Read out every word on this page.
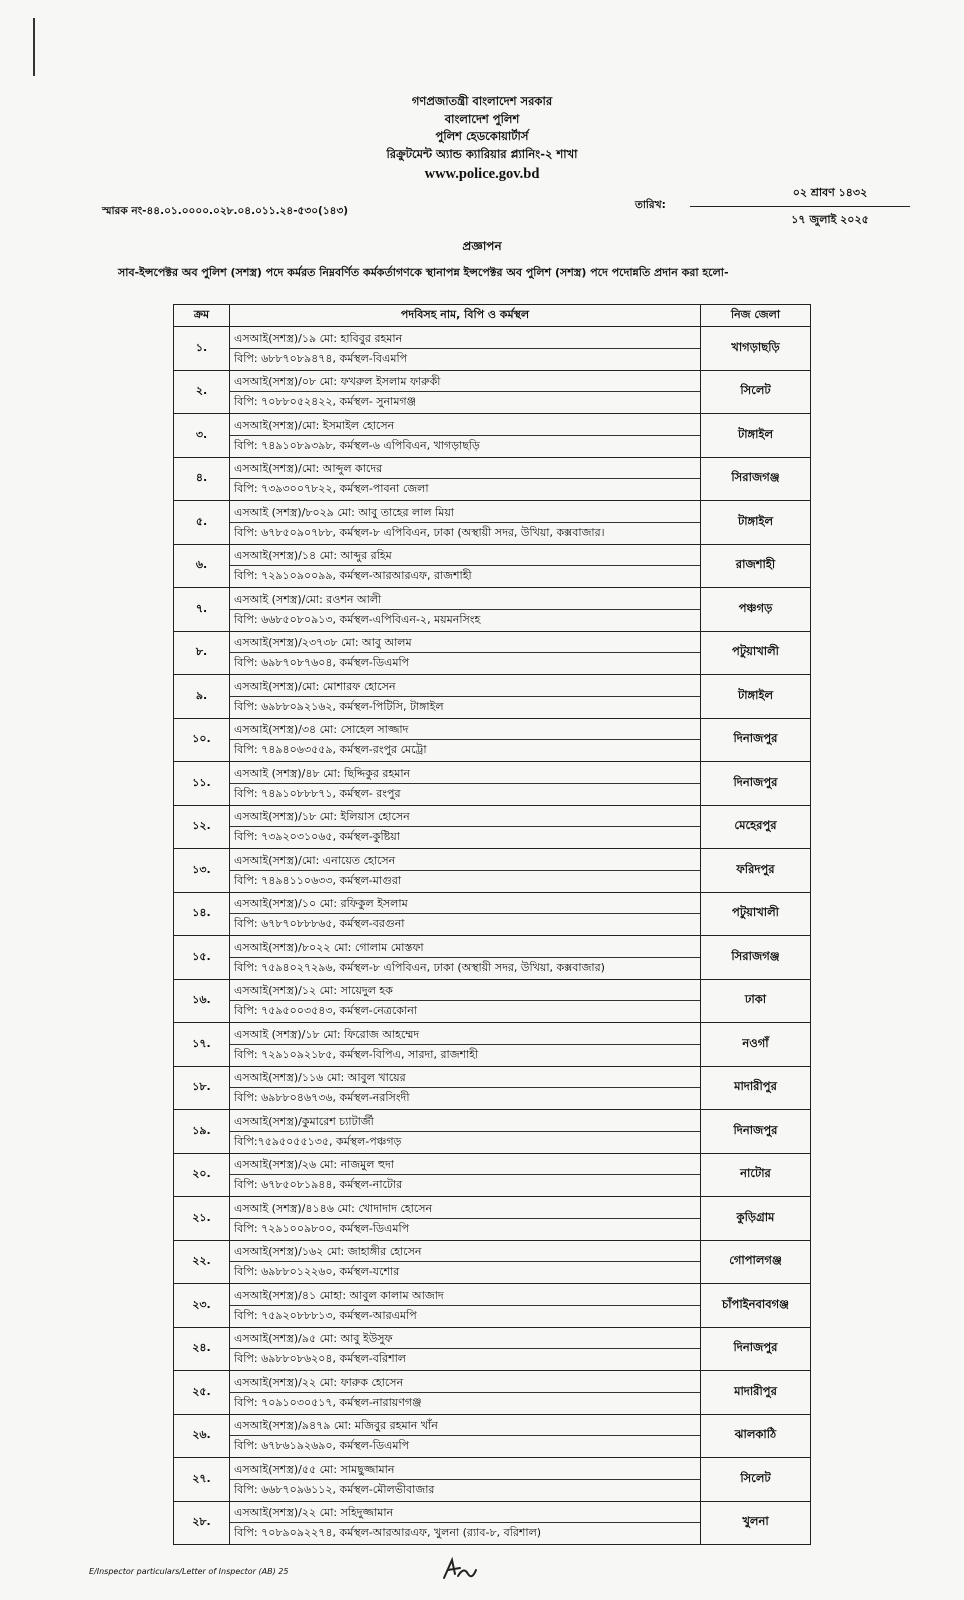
গণপ্রজাতন্ত্রী বাংলাদেশ সরকার
বাংলাদেশ পুলিশ
পুলিশ হেডকোয়ার্টার্স
রিক্রুটমেন্ট অ্যান্ড ক্যারিয়ার প্ল্যানিং-২ শাখা
www.police.gov.bd
স্মারক নং-৪৪.০১.০০০০.০২৮.০৪.০১১.২৪-৫৩০(১৪৩)	তারিখ:
০২ শ্রাবণ ১৪৩২
১৭ জুলাই ২০২৫
প্রজ্ঞাপন
সাব-ইন্সপেক্টর অব পুলিশ (সশস্ত্র) পদে কর্মরত নিম্নবর্ণিত কর্মকর্তাগণকে স্থানাপন্ন ইন্সপেক্টর অব পুলিশ (সশস্ত্র) পদে পদোন্নতি প্রদান করা হলো-
ক্রম	পদবিসহ নাম, বিপি ও কর্মস্থল	নিজ জেলা
১.	এসআই(সশস্ত্র)/১৯ মো: হাবিবুর রহমান
বিপি: ৬৮৮৭০৮৯৪৭৪, কর্মস্থল-বিএমপি	খাগড়াছড়ি
২.	এসআই(সশস্ত্র)/০৮ মো: ফখরুল ইসলাম ফারুকী
বিপি: ৭০৮৮০৫২৪২২, কর্মস্থল- সুনামগঞ্জ	সিলেট
৩.	এসআই(সশস্ত্র)/মো: ইসমাইল হোসেন
বিপি: ৭৪৯১০৮৯৩৯৮, কর্মস্থল-৬ এপিবিএন, খাগড়াছড়ি	টাঙ্গাইল
৪.	এসআই(সশস্ত্র)/মো: আব্দুল কাদের
বিপি: ৭৩৯৩০০৭৮২২, কর্মস্থল-পাবনা জেলা	সিরাজগঞ্জ
৫.	এসআই (সশস্ত্র)/৮০২৯ মো: আবু তাহের লাল মিয়া
বিপি: ৬৭৮৫০৯০৭৮৮, কর্মস্থল-৮ এপিবিএন, ঢাকা (অস্থায়ী সদর, উখিয়া, কক্সবাজার।	টাঙ্গাইল
৬.	এসআই(সশস্ত্র)/১৪ মো: আব্দুর রহিম
বিপি: ৭২৯১০৯০০৯৯, কর্মস্থল-আরআরএফ, রাজশাহী	রাজশাহী
৭.	এসআই (সশস্ত্র)/মো: রওশন আলী
বিপি: ৬৬৮৫০৮০৯১৩, কর্মস্থল-এপিবিএন-২, ময়মনসিংহ	পঞ্চগড়
৮.	এসআই(সশস্ত্র)/২৩৭৩৮ মো: আবু আলম
বিপি: ৬৯৮৭০৮৭৬০৪, কর্মস্থল-ডিএমপি	পটুয়াখালী
৯.	এসআই(সশস্ত্র)/মো: মোশারফ হোসেন
বিপি: ৬৯৮৮০৯২১৬২, কর্মস্থল-পিটিসি, টাঙ্গাইল	টাঙ্গাইল
১০.	এসআই(সশস্ত্র)/৩৪ মো: সোহেল সাজ্জাদ
বিপি: ৭৪৯৪০৬৩৫৫৯, কর্মস্থল-রংপুর মেট্রো	দিনাজপুর
১১.	এসআই (সশস্ত্র)/৪৮ মো: ছিদ্দিকুর রহমান
বিপি: ৭৪৯১০৮৮৮৭১, কর্মস্থল- রংপুর	দিনাজপুর
১২.	এসআই(সশস্ত্র)/১৮ মো: ইলিয়াস হোসেন
বিপি: ৭৩৯২০৩১০৬৫, কর্মস্থল-কুষ্টিয়া	মেহেরপুর
১৩.	এসআই(সশস্ত্র)/মো: এনায়েত হোসেন
বিপি: ৭৪৯৪১১০৬৩৩, কর্মস্থল-মাগুরা	ফরিদপুর
১৪.	এসআই(সশস্ত্র)/১০ মো: রফিকুল ইসলাম
বিপি: ৬৭৮৭০৮৮৮৬৫, কর্মস্থল-বরগুনা	পটুয়াখালী
১৫.	এসআই(সশস্ত্র)/৮০২২ মো: গোলাম মোস্তফা
বিপি: ৭৫৯৪০২৭২৯৬, কর্মস্থল-৮ এপিবিএন, ঢাকা (অস্থায়ী সদর, উখিয়া, কক্সবাজার)	সিরাজগঞ্জ
১৬.	এসআই(সশস্ত্র)/১২ মো: সায়েদুল হক
বিপি: ৭৫৯৫০০৩৫৪৩, কর্মস্থল-নেত্রকোনা	ঢাকা
১৭.	এসআই (সশস্ত্র)/১৮ মো: ফিরোজ আহম্মেদ
বিপি: ৭২৯১০৯২১৮৫, কর্মস্থল-বিপিএ, সারদা, রাজশাহী	নওগাঁ
১৮.	এসআই(সশস্ত্র)/১১৬ মো: আবুল খায়ের
বিপি: ৬৯৮৮০৪৬৭৩৬, কর্মস্থল-নরসিংদী	মাদারীপুর
১৯.	এসআই(সশস্ত্র)/কুমারেশ চ্যাটার্জী
বিপি:৭৫৯৫০৫৫১৩৫, কর্মস্থল-পঞ্চগড়	দিনাজপুর
২০.	এসআই(সশস্ত্র)/২৬ মো: নাজমুল হুদা
বিপি: ৬৭৮৫০৮১৯৪৪, কর্মস্থল-নাটোর	নাটোর
২১.	এসআই (সশস্ত্র)/৪১৪৬ মো: খোদাদাদ হোসেন
বিপি: ৭২৯১০০৯৮০০, কর্মস্থল-ডিএমপি	কুড়িগ্রাম
২২.	এসআই(সশস্ত্র)/১৬২ মো: জাহাঙ্গীর হোসেন
বিপি: ৬৯৮৮০১২২৬০, কর্মস্থল-যশোর	গোপালগঞ্জ
২৩.	এসআই(সশস্ত্র)/৪১ মোহা: আবুল কালাম আজাদ
বিপি: ৭৫৯২০৮৮৮১৩, কর্মস্থল-আরএমপি	চাঁপাইনবাবগঞ্জ
২৪.	এসআই(সশস্ত্র)/৯৫ মো: আবু ইউসুফ
বিপি: ৬৯৮৮০৮৬২০৪, কর্মস্থল-বরিশাল	দিনাজপুর
২৫.	এসআই(সশস্ত্র)/২২ মো: ফারুক হোসেন
বিপি: ৭০৯১০৩০৫১৭, কর্মস্থল-নারায়ণগঞ্জ	মাদারীপুর
২৬.	এসআই(সশস্ত্র)/৯৪৭৯ মো: মজিবুর রহমান খাঁন
বিপি: ৬৭৮৬১৯২৬৯০, কর্মস্থল-ডিএমপি	ঝালকাঠি
২৭.	এসআই(সশস্ত্র)/৫৫ মো: সামছুজ্জামান
বিপি: ৬৬৮৭০৯৬১১২, কর্মস্থল-মৌলভীবাজার	সিলেট
২৮.	এসআই(সশস্ত্র)/২২ মো: সহিদুজ্জামান
বিপি: ৭০৮৯০৯২২৭৪, কর্মস্থল-আরআরএফ, খুলনা (র‍্যাব-৮, বরিশাল)	খুলনা
E/Inspector particulars/Letter of Inspector (AB) 25
